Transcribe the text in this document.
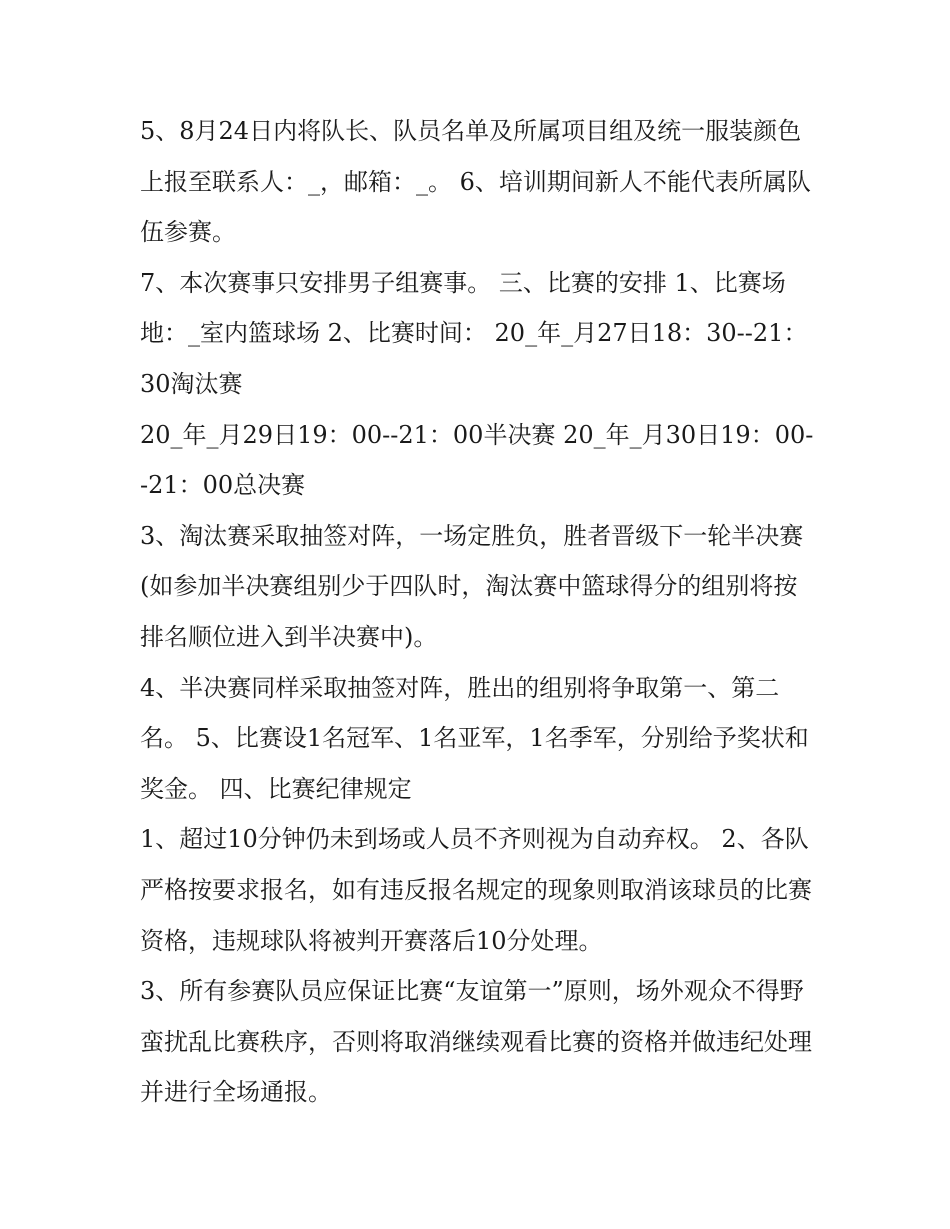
5、8月24日内将队长、队员名单及所属项目组及统一服装颜色上报至联系人：_，邮箱：_。 6、培训期间新人不能代表所属队伍参赛。

7、本次赛事只安排男子组赛事。 三、比赛的安排 1、比赛场地：_室内篮球场 2、比赛时间： 20_年_月27日18：30--21：30淘汰赛

20_年_月29日19：00--21：00半决赛 20_年_月30日19：00--21：00总决赛

3、淘汰赛采取抽签对阵，一场定胜负，胜者晋级下一轮半决赛(如参加半决赛组别少于四队时，淘汰赛中篮球得分的组别将按排名顺位进入到半决赛中)。

4、半决赛同样采取抽签对阵，胜出的组别将争取第一、第二名。 5、比赛设1名冠军、1名亚军，1名季军，分别给予奖状和奖金。 四、比赛纪律规定

1、超过10分钟仍未到场或人员不齐则视为自动弃权。 2、各队严格按要求报名，如有违反报名规定的现象则取消该球员的比赛资格，违规球队将被判开赛落后10分处理。

3、所有参赛队员应保证比赛“友谊第一”原则，场外观众不得野蛮扰乱比赛秩序，否则将取消继续观看比赛的资格并做违纪处理并进行全场通报。
